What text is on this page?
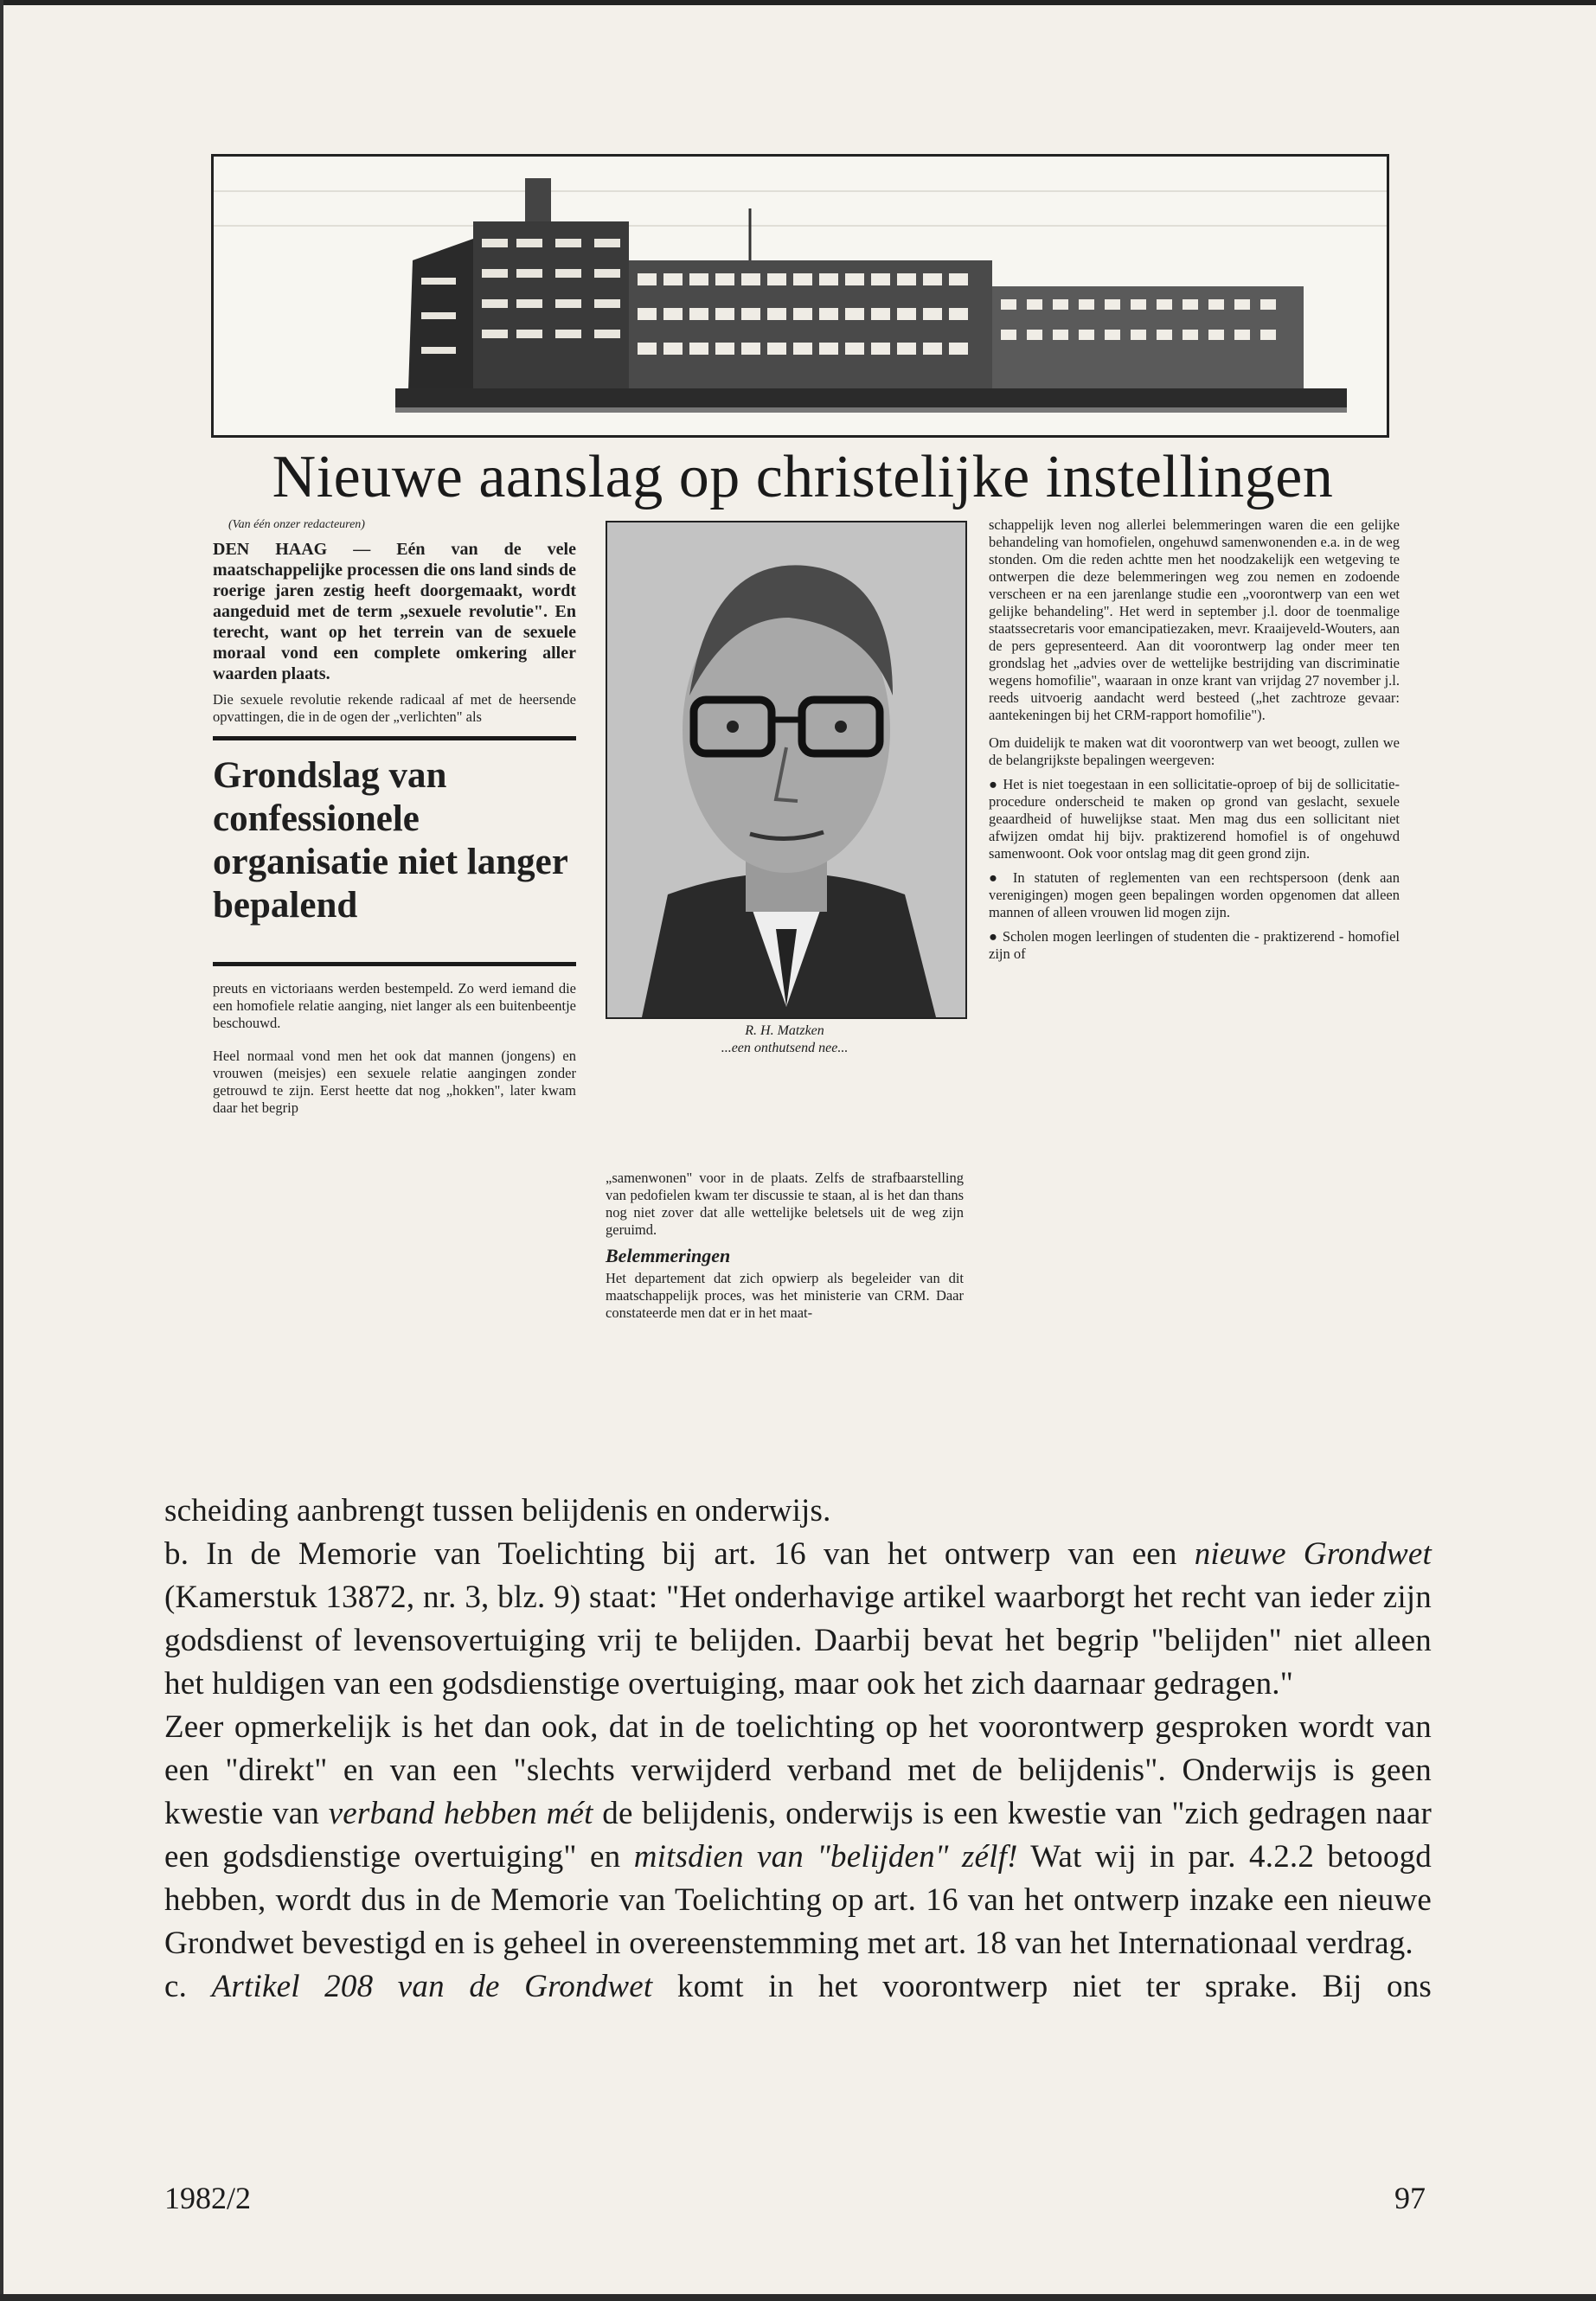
Nieuwe aanslag op christelijke instellingen
(Van één onzer redacteuren)

DEN HAAG — Eén van de vele maatschappelijke processen die ons land sinds de roerige jaren zestig heeft doorgemaakt, wordt aangeduid met de term „sexuele revolutie". En terecht, want op het terrein van de sexuele moraal vond een complete omkering aller waarden plaats.

Die sexuele revolutie rekende radicaal af met de heersende opvattingen, die in de ogen der „verlichten" als

Grondslag van confessionele organisatie niet langer bepalend

preuts en victoriaans werden bestempeld. Zo werd iemand die een homofiele relatie aanging, niet langer als een buitenbeentje beschouwd.

Heel normaal vond men het ook dat mannen (jongens) en vrouwen (meisjes) een sexuele relatie aangingen zonder getrouwd te zijn. Eerst heette dat nog „hokken", later kwam daar het begrip

R. H. Matzken
...een onthutsend nee...

„samenwonen" voor in de plaats. Zelfs de strafbaarstelling van pedofielen kwam ter discussie te staan, al is het dan thans nog niet zover dat alle wettelijke beletsels uit de weg zijn geruimd.

Belemmeringen

Het departement dat zich opwierp als begeleider van dit maatschappelijk proces, was het ministerie van CRM. Daar constateerde men dat er in het maat-

schappelijk leven nog allerlei belemmeringen waren die een gelijke behandeling van homofielen, ongehuwd samenwonenden e.a. in de weg stonden. Om die reden achtte men het noodzakelijk een wetgeving te ontwerpen die deze belemmeringen weg zou nemen en zodoende verscheen er na een jarenlange studie een „voorontwerp van een wet gelijke behandeling". Het werd in september j.l. door de toenmalige staatssecretaris voor emancipatiezaken, mevr. Kraaijeveld-Wouters, aan de pers gepresenteerd. Aan dit voorontwerp lag onder meer ten grondslag het „advies over de wettelijke bestrijding van discriminatie wegens homofilie", waaraan in onze krant van vrijdag 27 november j.l. reeds uitvoerig aandacht werd besteed („het zachtroze gevaar: aantekeningen bij het CRM-rapport homofilie").

Om duidelijk te maken wat dit voorontwerp van wet beoogt, zullen we de belangrijkste bepalingen weergeven:

● Het is niet toegestaan in een sollicitatie-oproep of bij de sollicitatie-procedure onderscheid te maken op grond van geslacht, sexuele geaardheid of huwelijkse staat. Men mag dus een sollicitant niet afwijzen omdat hij bijv. praktizerend homofiel is of ongehuwd samenwoont. Ook voor ontslag mag dit geen grond zijn.

● In statuten of reglementen van een rechtspersoon (denk aan verenigingen) mogen geen bepalingen worden opgenomen dat alleen mannen of alleen vrouwen lid mogen zijn.

● Scholen mogen leerlingen of studenten die - praktizerend - homofiel zijn of

scheiding aanbrengt tussen belijdenis en onderwijs.

b. In de Memorie van Toelichting bij art. 16 van het ontwerp van een nieuwe Grondwet (Kamerstuk 13872, nr. 3, blz. 9) staat: "Het onderhavige artikel waarborgt het recht van ieder zijn godsdienst of levensovertuiging vrij te belijden. Daarbij bevat het begrip "belijden" niet alleen het huldigen van een godsdienstige overtuiging, maar ook het zich daarnaar gedragen."

Zeer opmerkelijk is het dan ook, dat in de toelichting op het voorontwerp gesproken wordt van een "direkt" en van een "slechts verwijderd verband met de belijdenis". Onderwijs is geen kwestie van verband hebben mét de belijdenis, onderwijs is een kwestie van "zich gedragen naar een godsdienstige overtuiging" en mitsdien van "belijden" zélf! Wat wij in par. 4.2.2 betoogd hebben, wordt dus in de Memorie van Toelichting op art. 16 van het ontwerp inzake een nieuwe Grondwet bevestigd en is geheel in overeenstemming met art. 18 van het Internationaal verdrag.

c. Artikel 208 van de Grondwet komt in het voorontwerp niet ter sprake. Bij ons

1982/2	97
